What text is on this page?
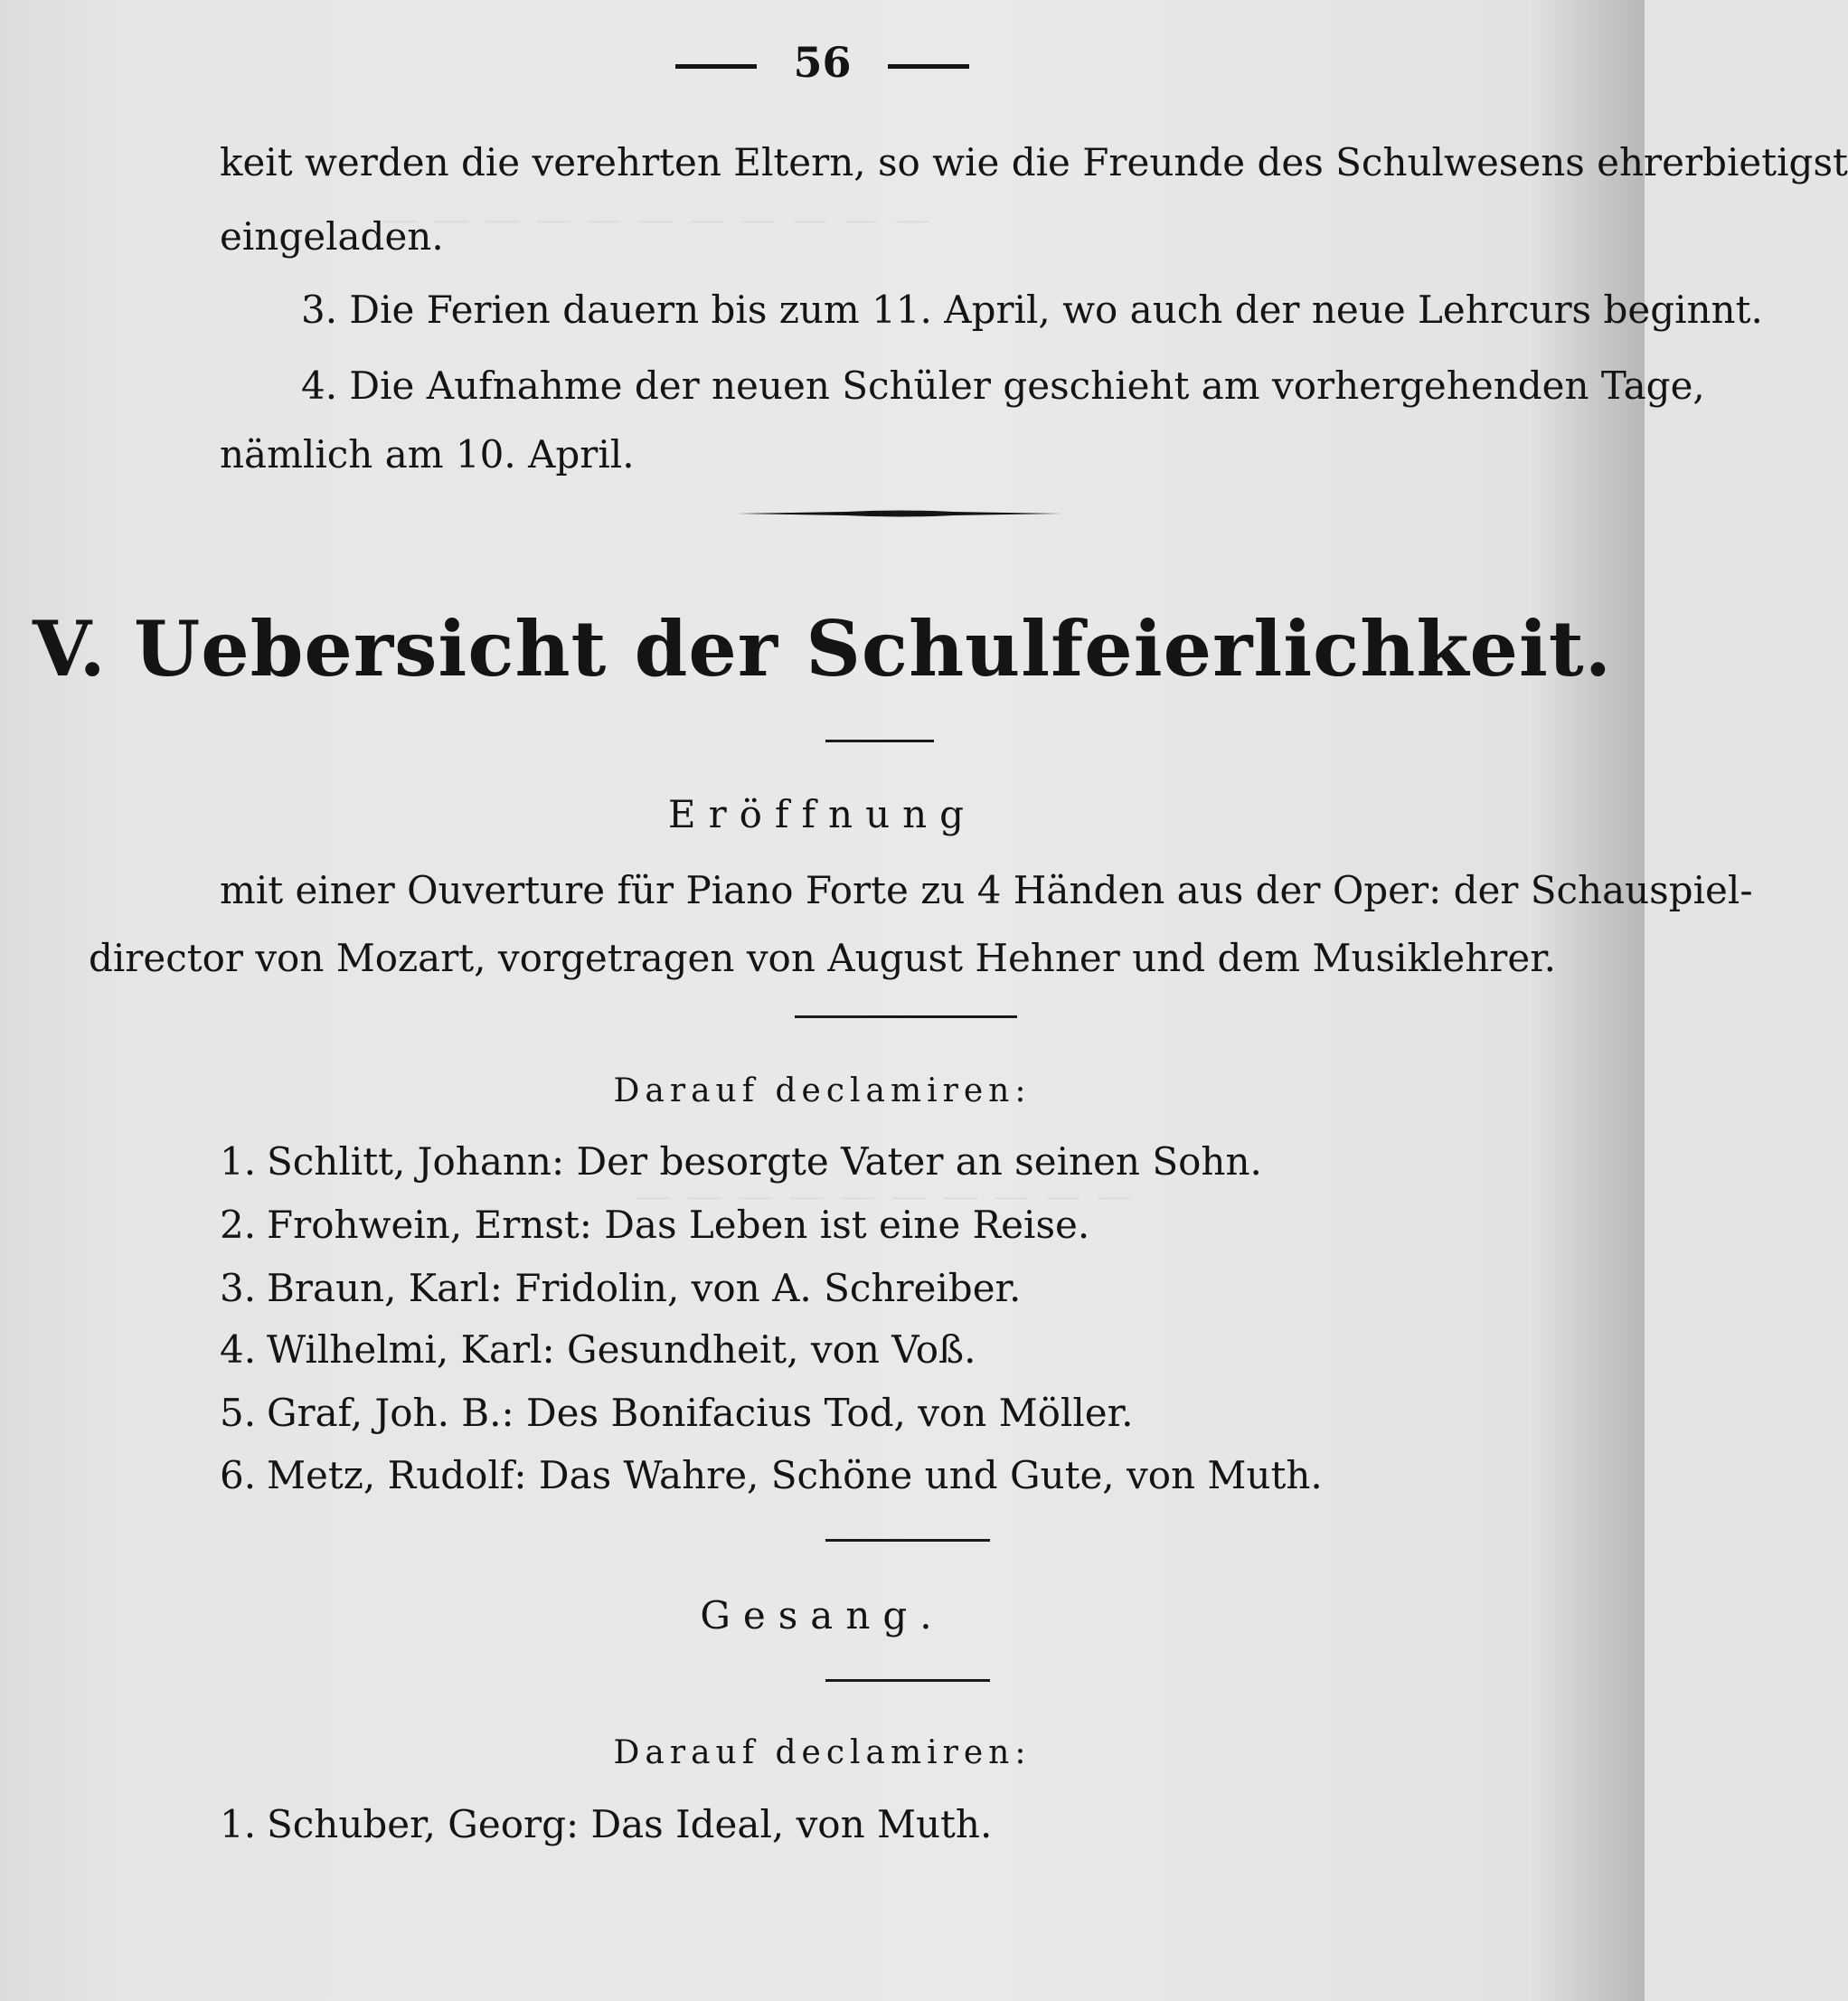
56
keit werden die verehrten Eltern, so wie die Freunde des Schulwesens ehrerbietigst
eingeladen.
3. Die Ferien dauern bis zum 11. April, wo auch der neue Lehrcurs beginnt.
4. Die Aufnahme der neuen Schüler geschieht am vorhergehenden Tage,
nämlich am 10. April.
V. Uebersicht der Schulfeierlichkeit.
Eröffnung
mit einer Ouverture für Piano Forte zu 4 Händen aus der Oper: der Schauspiel-
director von Mozart, vorgetragen von August Hehner und dem Musiklehrer.
Darauf declamiren:
1. Schlitt, Johann: Der besorgte Vater an seinen Sohn.
2. Frohwein, Ernst: Das Leben ist eine Reise.
3. Braun, Karl: Fridolin, von A. Schreiber.
4. Wilhelmi, Karl: Gesundheit, von Voß.
5. Graf, Joh. B.: Des Bonifacius Tod, von Möller.
6. Metz, Rudolf: Das Wahre, Schöne und Gute, von Muth.
Gesang.
Darauf declamiren:
1. Schuber, Georg: Das Ideal, von Muth.
